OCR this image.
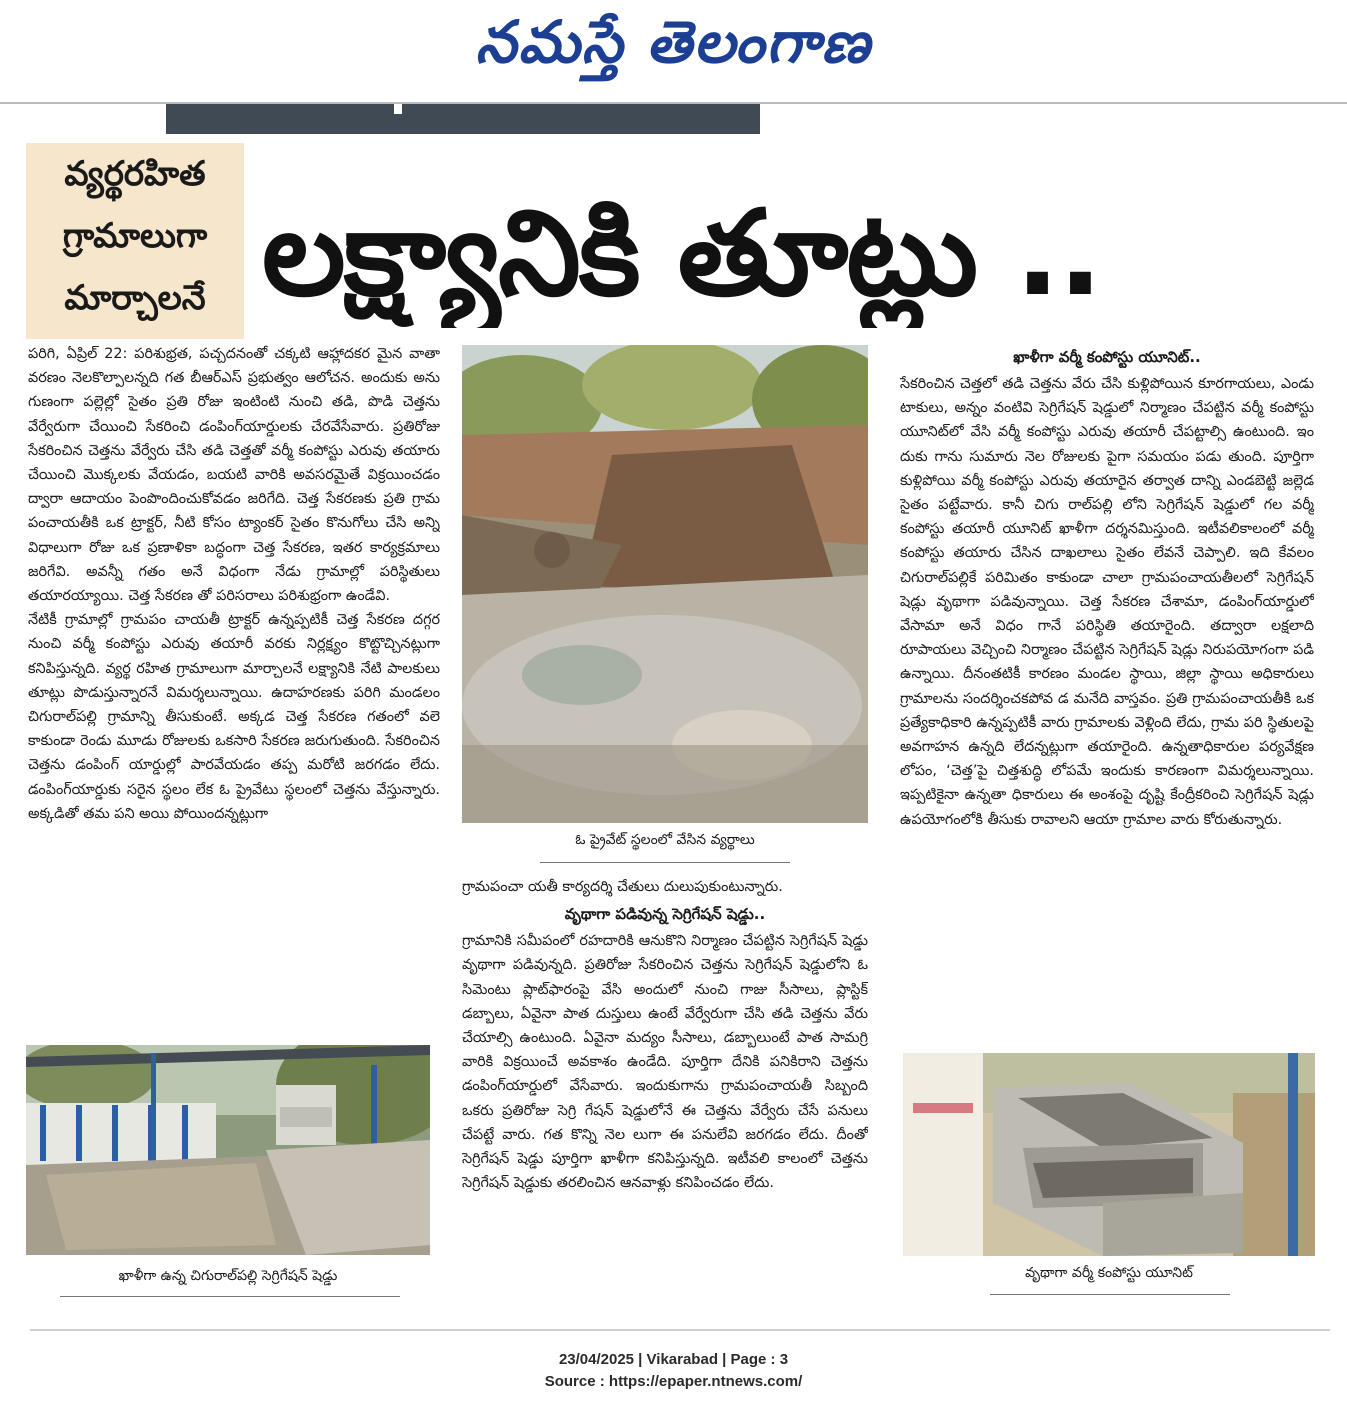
నమస్తే తెలంగాణ
వ్యర్థరహిత
గ్రామాలుగా
మార్చాలనే లక్ష్యానికి తూట్లు ..

పరిగి, ఏప్రిల్ 22: పరిశుభ్రత, పచ్చదనంతో చక్కటి ఆహ్లాదకర మైన వాతా వరణం నెలకొల్పాలన్నది గత బీఆర్ఎస్ ప్రభుత్వం ఆలోచన. అందుకు అను గుణంగా పల్లెల్లో సైతం ప్రతి రోజు ఇంటింటి నుంచి తడి, పొడి చెత్తను వేర్వేరుగా చేయించి సేకరించి డంపింగ్‌యార్డులకు చేరవేసేవారు. ప్రతిరోజు సేకరించిన చెత్తను వేర్వేరు చేసి తడి చెత్తతో వర్మీ కంపోస్టు ఎరువు తయారు చేయించి మొక్కలకు వేయడం, బయటి వారికి అవసరమైతే విక్రయించడం ద్వారా ఆదాయం పెంపొందించుకోవడం జరిగేది. చెత్త సేకరణకు ప్రతి గ్రామ పంచాయతీకి ఒక ట్రాక్టర్, నీటి కోసం ట్యాంకర్ సైతం కొనుగోలు చేసి అన్ని విధాలుగా రోజు ఒక ప్రణాళికా బద్ధంగా చెత్త సేకరణ, ఇతర కార్యక్రమాలు జరిగేవి. అవన్నీ గతం అనే విధంగా నేడు గ్రామాల్లో పరిస్థితులు తయారయ్యాయి. చెత్త సేకరణ తో పరిసరాలు పరిశుభ్రంగా ఉండేవి.

నేటికీ గ్రామాల్లో గ్రామపం చాయతీ ట్రాక్టర్ ఉన్నప్పటికీ చెత్త సేకరణ దగ్గర నుంచి వర్మీ కంపోస్టు ఎరువు తయారీ వరకు నిర్లక్ష్యం కొట్టొచ్చినట్లుగా కనిపిస్తున్నది. వ్యర్థ రహిత గ్రామాలుగా మార్చాలనే లక్ష్యానికి నేటి పాలకులు తూట్లు పొడుస్తున్నారనే విమర్శలున్నాయి. ఉదాహరణకు పరిగి మండలం చిగురాల్‌పల్లి గ్రామాన్ని తీసుకుంటే. అక్కడ చెత్త సేకరణ గతంలో వలె కాకుండా రెండు మూడు రోజులకు ఒకసారి సేకరణ జరుగుతుంది. సేకరించిన చెత్తను డంపింగ్ యార్డుల్లో పారవేయడం తప్ప మరోటి జరగడం లేదు. డంపింగ్‌యార్డుకు సరైన స్థలం లేక ఓ ప్రైవేటు స్థలంలో చెత్తను వేస్తున్నారు. అక్కడితో తమ పని అయి పోయిందన్నట్లుగా

ఖాళీగా ఉన్న చిగురాల్‌పల్లి సెగ్రిగేషన్ షెడ్డు
ఓ ప్రైవేట్ స్థలంలో వేసిన వ్యర్థాలు

గ్రామపంచా యతీ కార్యదర్శి చేతులు దులుపుకుంటున్నారు.

వృథాగా పడివున్న సెగ్రిగేషన్ షెడ్డు..

గ్రామానికి సమీపంలో రహదారికి ఆనుకొని నిర్మాణం చేపట్టిన సెగ్రిగేషన్ షెడ్డు వృథాగా పడివున్నది. ప్రతిరోజు సేకరించిన చెత్తను సెగ్రిగేషన్ షెడ్డులోని ఓ సిమెంటు ప్లాట్‌ఫారంపై వేసి అందులో నుంచి గాజు సీసాలు, ప్లాస్టిక్ డబ్బాలు, ఏవైనా పాత దుస్తులు ఉంటే వేర్వేరుగా చేసి తడి చెత్తను వేరు చేయాల్సి ఉంటుంది. ఏవైనా మద్యం సీసాలు, డబ్బాలుంటే పాత సామగ్రి వారికి విక్రయించే అవకాశం ఉండేది. పూర్తిగా దేనికి పనికిరాని చెత్తను డంపింగ్‌యార్డులో వేసేవారు. ఇందుకుగాను గ్రామపంచాయతీ సిబ్బంది ఒకరు ప్రతిరోజు సెగ్రి గేషన్ షెడ్డులోనే ఈ చెత్తను వేర్వేరు చేసే పనులు చేపట్టే వారు. గత కొన్ని నెల లుగా ఈ పనులేవి జరగడం లేదు. దీంతో సెగ్రిగేషన్ షెడ్డు పూర్తిగా ఖాళీగా కనిపిస్తున్నది. ఇటీవలి కాలంలో చెత్తను సెగ్రిగేషన్ షెడ్డుకు తరలించిన ఆనవాళ్లు కనిపించడం లేదు.

ఖాళీగా వర్మీ కంపోస్టు యూనిట్..

సేకరించిన చెత్తలో తడి చెత్తను వేరు చేసి కుళ్లిపోయిన కూరగాయలు, ఎండు టాకులు, అన్నం వంటివి సెగ్రిగేషన్ షెడ్డులో నిర్మాణం చేపట్టిన వర్మీ కంపోస్టు యూనిట్‌లో వేసి వర్మీ కంపోస్టు ఎరువు తయారీ చేపట్టాల్సి ఉంటుంది. ఇం దుకు గాను సుమారు నెల రోజులకు పైగా సమయం పడు తుంది. పూర్తిగా కుళ్లిపోయి వర్మీ కంపోస్టు ఎరువు తయారైన తర్వాత దాన్ని ఎండబెట్టి జల్లెడ సైతం పట్టేవారు. కానీ చిగు రాల్‌పల్లి లోని సెగ్రిగేషన్ షెడ్డులో గల వర్మీ కంపోస్టు తయారీ యూనిట్ ఖాళీగా దర్శనమిస్తుంది. ఇటీవలికాలంలో వర్మీ కంపోస్టు తయారు చేసిన దాఖలాలు సైతం లేవనే చెప్పాలి. ఇది కేవలం చిగురాల్‌పల్లికే పరిమితం కాకుండా చాలా గ్రామపంచాయతీలలో సెగ్రిగేషన్ షెడ్లు వృథాగా పడివున్నాయి. చెత్త సేకరణ చేశామా, డంపింగ్‌యార్డులో వేసామా అనే విధం గానే పరిస్థితి తయారైంది. తద్వారా లక్షలాది రూపాయలు వెచ్చించి నిర్మాణం చేపట్టిన సెగ్రిగేషన్ షెడ్లు నిరుపయోగంగా పడి ఉన్నాయి. దీనంతటికీ కారణం మండల స్థాయి, జిల్లా స్థాయి అధికారులు గ్రామాలను సందర్శించకపోవ డ మనేది వాస్తవం. ప్రతి గ్రామపంచాయతీకి ఒక ప్రత్యేకాధికారి ఉన్నప్పటికీ వారు గ్రామాలకు వెళ్లింది లేదు, గ్రామ పరి స్థితులపై అవగాహన ఉన్నది లేదన్నట్లుగా తయారైంది. ఉన్నతాధికారుల పర్యవేక్షణ లోపం, ‘చెత్త’పై చిత్తశుద్ధి లోపమే ఇందుకు కారణంగా విమర్శలున్నాయి. ఇప్పటికైనా ఉన్నతా ధికారులు ఈ అంశంపై దృష్టి కేంద్రీకరించి సెగ్రిగేషన్ షెడ్లు ఉపయోగంలోకి తీసుకు రావాలని ఆయా గ్రామాల వారు కోరుతున్నారు.

వృథాగా వర్మీ కంపోస్టు యూనిట్
23/04/2025 | Vikarabad | Page : 3
Source : https://epaper.ntnews.com/
